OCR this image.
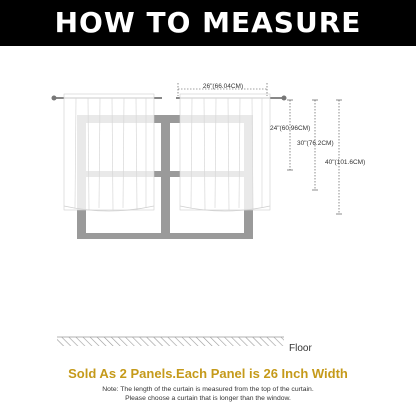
HOW TO MEASURE
26"(66.04CM)
24"(60.96CM)
30"(76.2CM)
40"(101.6CM)
Floor
Sold As 2 Panels.Each Panel is 26 Inch Width
Note: The length of the curtain is measured from the top of the curtain.
Please choose a curtain that is longer than the window.
